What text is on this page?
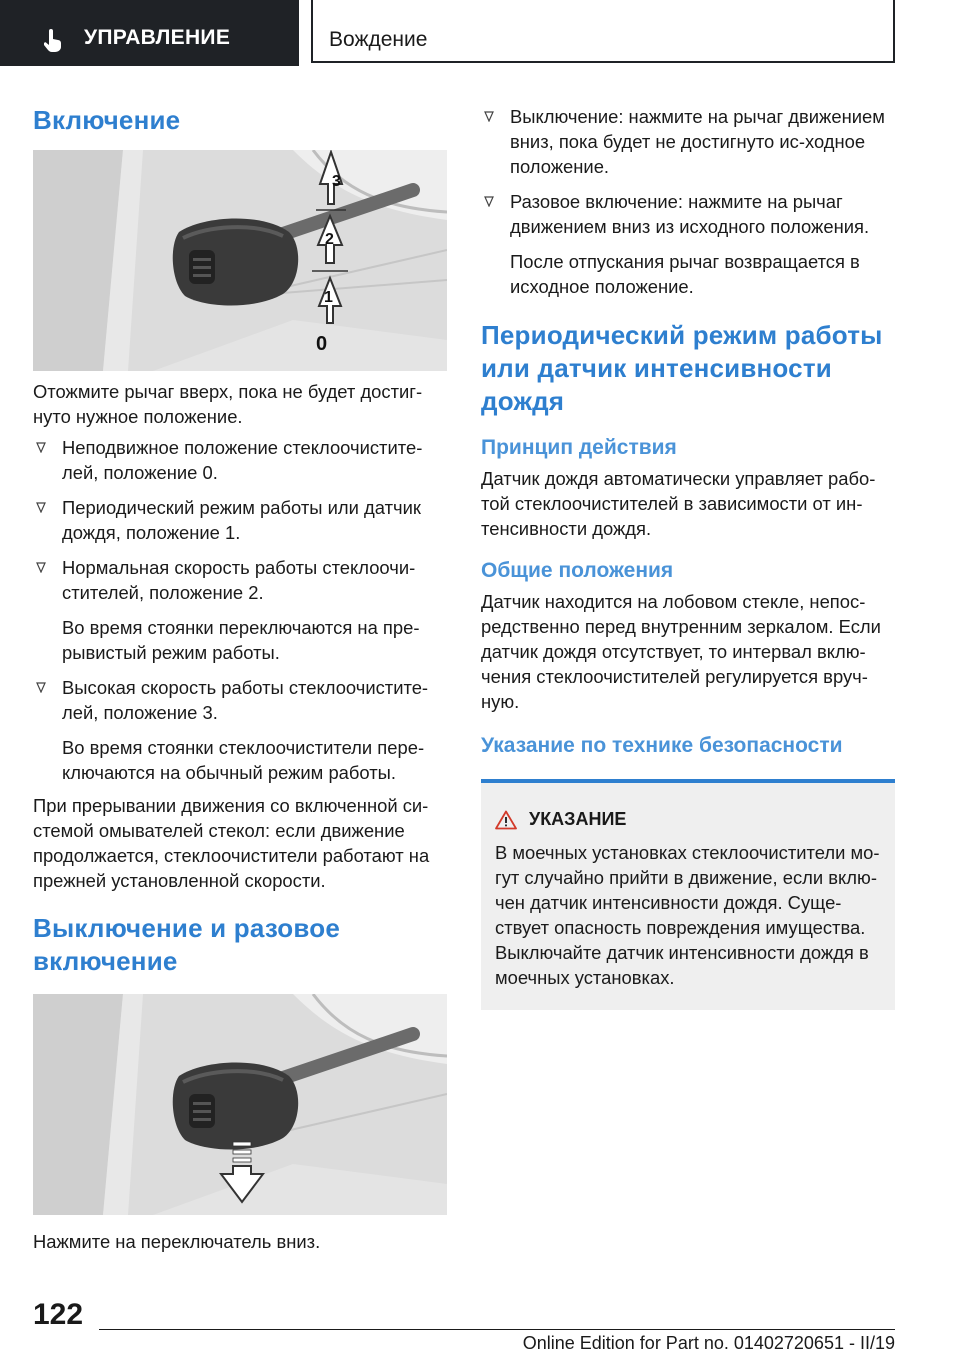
УПРАВЛЕНИЕ	Вождение
Включение
3
2
1
0

Отожмите рычаг вверх, пока не будет достиг-нуто нужное положение.

Неподвижное положение стеклоочистите-лей, положение 0.

Периодический режим работы или датчик дождя, положение 1.

Нормальная скорость работы стеклоочи-стителей, положение 2.

Во время стоянки переключаются на пре-рывистый режим работы.

Высокая скорость работы стеклоочистите-лей, положение 3.

Во время стоянки стеклоочистители пере-ключаются на обычный режим работы.

При прерывании движения со включенной си-стемой омывателей стекол: если движение продолжается, стеклоочистители работают на прежней установленной скорости.

Выключение и разовое включение

Нажмите на переключатель вниз.

Выключение: нажмите на рычаг движением вниз, пока будет не достигнуто ис-ходное положение.

Разовое включение: нажмите на рычаг движением вниз из исходного положения.

После отпускания рычаг возвращается в исходное положение.

Периодический режим работы или датчик интенсивности дождя
Принцип действия

Датчик дождя автоматически управляет рабо-той стеклоочистителей в зависимости от ин-тенсивности дождя.

Общие положения

Датчик находится на лобовом стекле, непос-редственно перед внутренним зеркалом. Если датчик дождя отсутствует, то интервал вклю-чения стеклоочистителей регулируется вруч-ную.

Указание по технике безопасности
УКАЗАНИЕ

В моечных установках стеклоочистители мо-гут случайно прийти в движение, если вклю-чен датчик интенсивности дождя. Суще-ствует опасность повреждения имущества. Выключайте датчик интенсивности дождя в моечных установках.

122
Online Edition for Part no. 01402720651 - II/19
